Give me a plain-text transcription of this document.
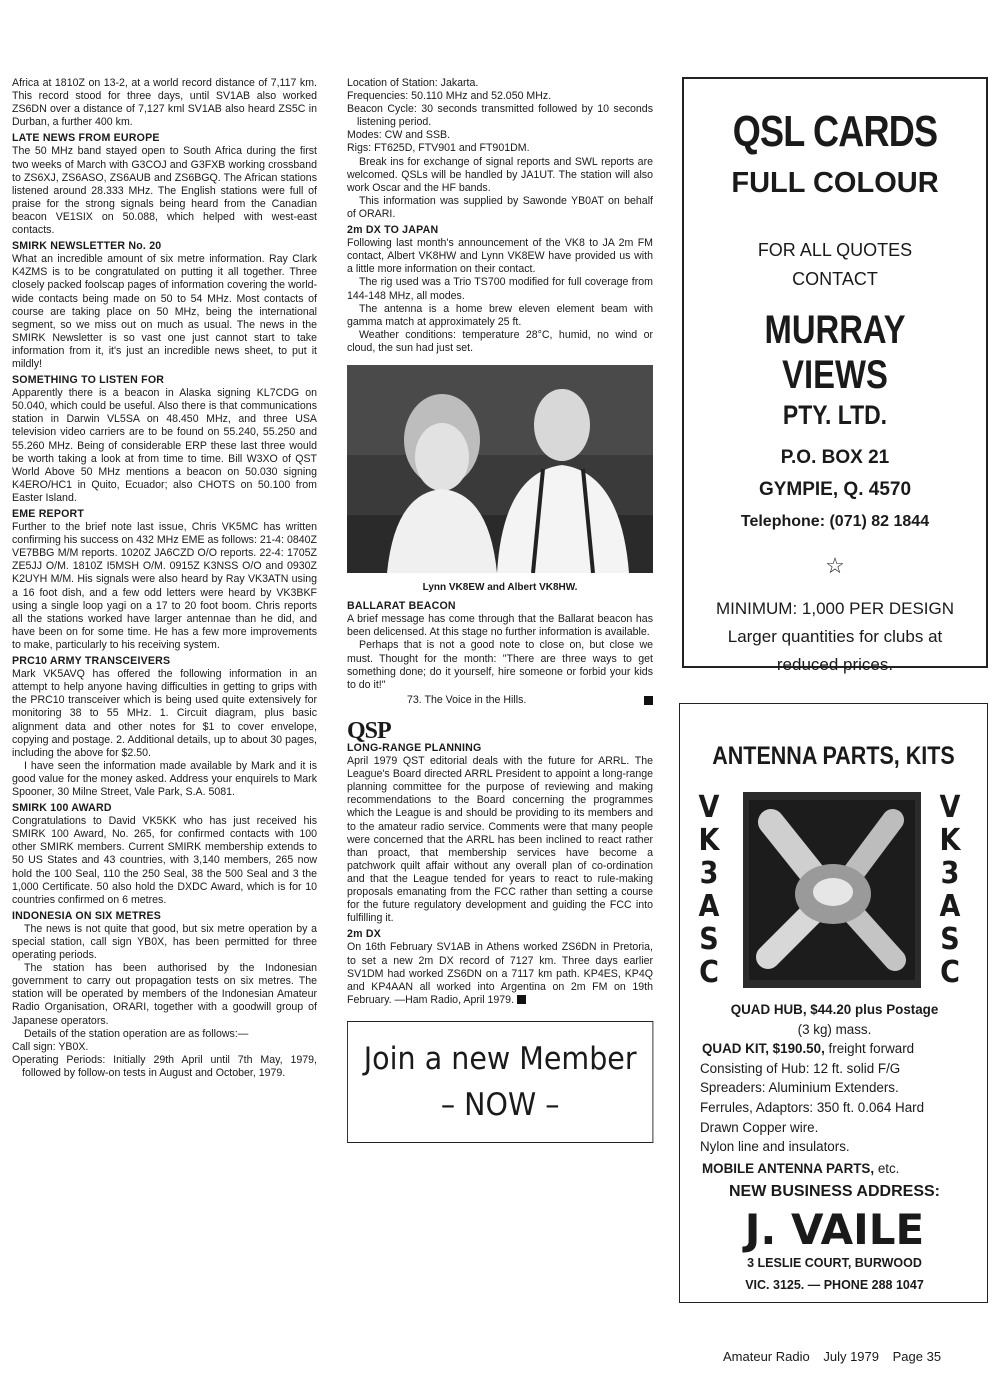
Africa at 1810Z on 13-2, at a world record distance of 7,117 km. This record stood for three days, until SV1AB also worked ZS6DN over a distance of 7,127 kml SV1AB also heard ZS5C in Durban, a further 400 km.

LATE NEWS FROM EUROPE

The 50 MHz band stayed open to South Africa during the first two weeks of March with G3COJ and G3FXB working crossband to ZS6XJ, ZS6ASO, ZS6AUB and ZS6BGQ. The African stations listened around 28.333 MHz. The English stations were full of praise for the strong signals being heard from the Canadian beacon VE1SIX on 50.088, which helped with west-east contacts.

SMIRK NEWSLETTER No. 20

What an incredible amount of six metre information. Ray Clark K4ZMS is to be congratulated on putting it all together. Three closely packed foolscap pages of information covering the world-wide contacts being made on 50 to 54 MHz. Most contacts of course are taking place on 50 MHz, being the international segment, so we miss out on much as usual. The news in the SMIRK Newsletter is so vast one just cannot start to take information from it, it's just an incredible news sheet, to put it mildly!

SOMETHING TO LISTEN FOR

Apparently there is a beacon in Alaska signing KL7CDG on 50.040, which could be useful. Also there is that communications station in Darwin VL5SA on 48.450 MHz, and three USA television video carriers are to be found on 55.240, 55.250 and 55.260 MHz. Being of considerable ERP these last three would be worth taking a look at from time to time. Bill W3XO of QST World Above 50 MHz mentions a beacon on 50.030 signing K4ERO/HC1 in Quito, Ecuador; also CHOTS on 50.100 from Easter Island.

EME REPORT

Further to the brief note last issue, Chris VK5MC has written confirming his success on 432 MHz EME as follows: 21-4: 0840Z VE7BBG M/M reports. 1020Z JA6CZD O/O reports. 22-4: 1705Z ZE5JJ O/M. 1810Z I5MSH O/M. 0915Z K3NSS O/O and 0930Z K2UYH M/M. His signals were also heard by Ray VK3ATN using a 16 foot dish, and a few odd letters were heard by VK3BKF using a single loop yagi on a 17 to 20 foot boom. Chris reports all the stations worked have larger antennae than he did, and have been on for some time. He has a few more improvements to make, particularly to his receiving system.

PRC10 ARMY TRANSCEIVERS

Mark VK5AVQ has offered the following information in an attempt to help anyone having difficulties in getting to grips with the PRC10 transceiver which is being used quite extensively for monitoring 38 to 55 MHz. 1. Circuit diagram, plus basic alignment data and other notes for $1 to cover envelope, copying and postage. 2. Additional details, up to about 30 pages, including the above for $2.50.

I have seen the information made available by Mark and it is good value for the money asked. Address your enquirels to Mark Spooner, 30 Milne Street, Vale Park, S.A. 5081.

SMIRK 100 AWARD

Congratulations to David VK5KK who has just received his SMIRK 100 Award, No. 265, for confirmed contacts with 100 other SMIRK members. Current SMIRK membership extends to 50 US States and 43 countries, with 3,140 members, 265 now hold the 100 Seal, 110 the 250 Seal, 38 the 500 Seal and 3 the 1,000 Certificate. 50 also hold the DXDC Award, which is for 10 countries confirmed on 6 metres.

INDONESIA ON SIX METRES

The news is not quite that good, but six metre operation by a special station, call sign YB0X, has been permitted for three operating periods.

The station has been authorised by the Indonesian government to carry out propagation tests on six metres. The station will be operated by members of the Indonesian Amateur Radio Organisation, ORARI, together with a goodwill group of Japanese operators.

Details of the station operation are as follows:—

Call sign: YB0X.

Operating Periods: Initially 29th April until 7th May, 1979, followed by follow-on tests in August and October, 1979.

Location of Station: Jakarta.

Frequencies: 50.110 MHz and 52.050 MHz.

Beacon Cycle: 30 seconds transmitted followed by 10 seconds listening period.

Modes: CW and SSB.

Rigs: FT625D, FTV901 and FT901DM.

Break ins for exchange of signal reports and SWL reports are welcomed. QSLs will be handled by JA1UT. The station will also work Oscar and the HF bands.

This information was supplied by Sawonde YB0AT on behalf of ORARI.

2m DX TO JAPAN

Following last month's announcement of the VK8 to JA 2m FM contact, Albert VK8HW and Lynn VK8EW have provided us with a little more information on their contact.

The rig used was a Trio TS700 modified for full coverage from 144-148 MHz, all modes.

The antenna is a home brew eleven element beam with gamma match at approximately 25 ft.

Weather conditions: temperature 28°C, humid, no wind or cloud, the sun had just set.

Lynn VK8EW and Albert VK8HW.
BALLARAT BEACON

A brief message has come through that the Ballarat beacon has been delicensed. At this stage no further information is available.

Perhaps that is not a good note to close on, but close we must. Thought for the month: "There are three ways to get something done; do it yourself, hire someone or forbid your kids to do it!"

73. The Voice in the Hills.
QSP
LONG-RANGE PLANNING

April 1979 QST editorial deals with the future for ARRL. The League's Board directed ARRL President to appoint a long-range planning committee for the purpose of reviewing and making recommendations to the Board concerning the programmes which the League is and should be providing to its members and to the amateur radio service. Comments were that many people were concerned that the ARRL has been inclined to react rather than proact, that membership services have become a patchwork quilt affair without any overall plan of co-ordination and that the League tended for years to react to rule-making proposals emanating from the FCC rather than setting a course for the future regulatory development and guiding the FCC into fulfilling it.

2m DX

On 16th February SV1AB in Athens worked ZS6DN in Pretoria, to set a new 2m DX record of 7127 km. Three days earlier SV1DM had worked ZS6DN on a 7117 km path. KP4ES, KP4Q and KP4AAN all worked into Argentina on 2m FM on 19th February. —Ham Radio, April 1979.

Join a new Member
– NOW –
QSL CARDS
FULL COLOUR
FOR ALL QUOTES
CONTACT
MURRAY VIEWS
PTY. LTD.
P.O. BOX 21
GYMPIE, Q. 4570
Telephone: (071) 82 1844
☆
MINIMUM: 1,000 PER DESIGN
Larger quantities for clubs at
reduced prices.
ANTENNA PARTS, KITS
V
K
3
A
S
C
V
K
3
A
S
C
QUAD HUB, $44.20 plus Postage
(3 kg) mass.
QUAD KIT, $190.50, freight forward
Consisting of Hub: 12 ft. solid F/G
Spreaders: Aluminium Extenders.
Ferrules, Adaptors: 350 ft. 0.064 Hard
Drawn Copper wire.
Nylon line and insulators.
MOBILE ANTENNA PARTS, etc.
NEW BUSINESS ADDRESS:
J. VAILE
3 LESLIE COURT, BURWOOD
VIC. 3125. — PHONE 288 1047
Amateur Radio July 1979 Page 35
